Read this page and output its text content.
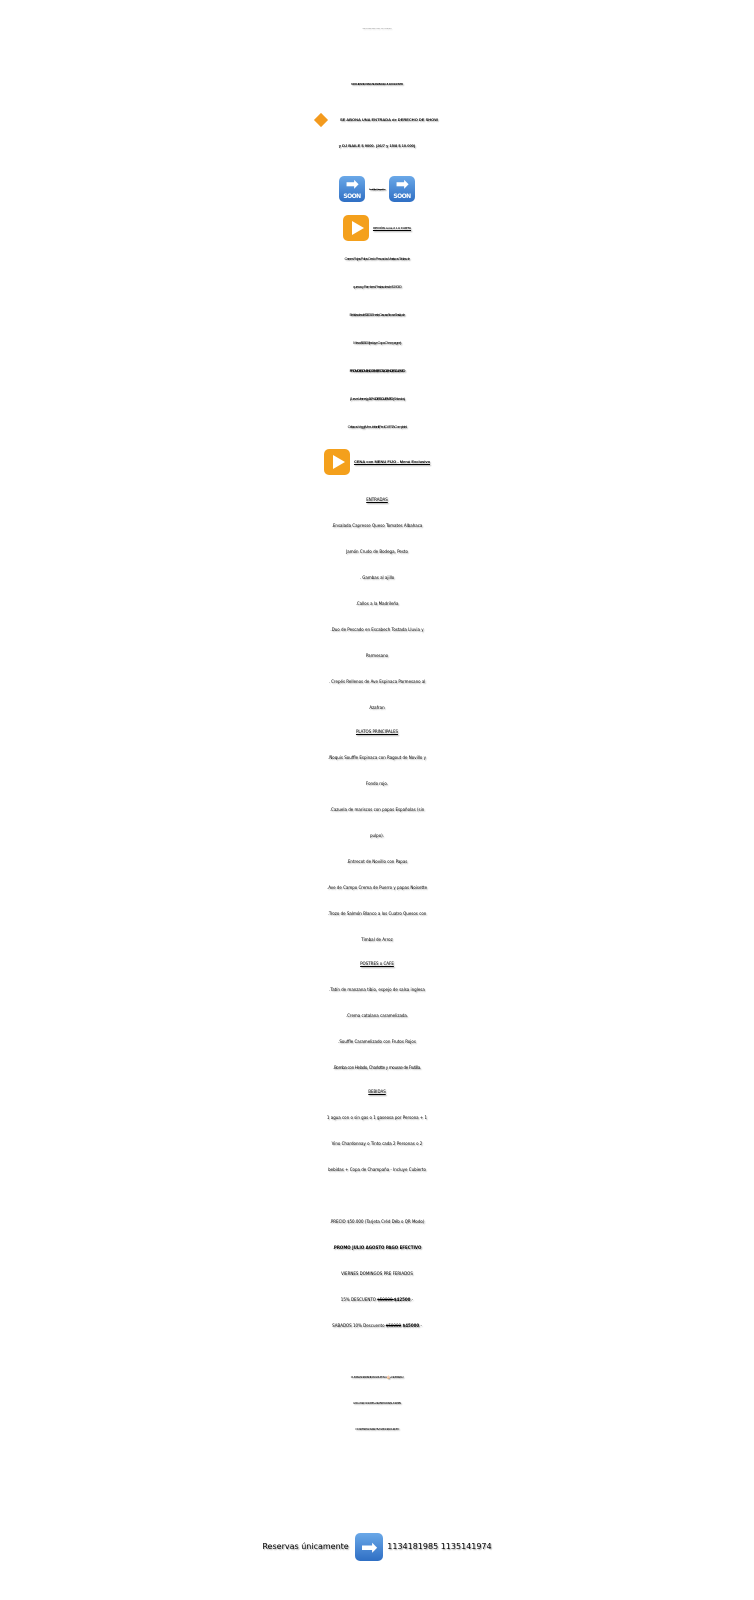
Museo del Jamón PUERTO MADERO Alicia M de Justo 2020
NOCHES DE CENA SHOW BAILE JULIO AGOSTO
SE ABONA UNA ENTRADA de DERECHO DE SHOW
y DJ BAILE $ 9000. (26/7 y 15/8 $ 10.000)
➡
SOON
Suma las Mejores Opciones para Cenar ➡
SOON
OPCIÓN cena A LA CARTA
Carnes Rojas Pollos Cerdo Pescados Mariscos Tablas de
quesos y Fiambres Pastas desde $ 19000
Bebidas desde $3000. En este Caso se Abona Servicio de
Mesa $6500 (Incluye Copa Champagne)
PROMO ABONANDO EN EFECTIVO 20% DESCUENTO
(Jueves Viernes) y 10 % DESCUENTO (Sábados)
Celiacos Veggi Menu Infantil Pedi CARTA Completa!
CENA con MENU FIJO - Menú Exclusivo
ENTRADAS
.Ensalada Capresse Queso Tomates Albahaca
Jamón Crudo de Bodega, Pesto
. Gambas al ajillo
.Callos a la Madrileña
.Duo de Pescado en Escabech Tostada Lluvia y
Parmesano
. Crepés Rellenos de Ave Espinaca Parmesano al
Azafran
PLATOS PRINCIPALES
.Ñoquis Souffle Espinaca con Ragout de Novillo y
Fondo rojo.
.Cazuela de mariscos con papas Españolas (sin
pulpo).
.Entrecot de Novillo con Papas
.Ave de Campo Crema de Puerro y papas Noisette
.Trozo de Salmón Blanco a los Cuatro Quesos con
Timbal de Arroz
POSTRES o CAFE
.Tatín de manzana tibio, espejo de salsa inglesa
.Crema catalana caramelizada.
.Souffle Caramelizado con Frutos Rojos
.Bomba con Helado, Charlotte y mousse de Frutilla.
BEBIDAS
1 agua con o sin gas o 1 gaseosa por Persona + 1
Vino Chardonnay o Tinto cada 2 Personas o 2
bebidas + Copa de Champaña - Incluye Cubierto
.PRECIO $50.000 (Tarjeta Créd Déb o QR Modo)
.PROMO JULIO AGOSTO PAGO EFECTIVO
VIERNES DOMINGOS PRE FERIADOS
15% DESCUENTO $50000 $42500.-
SABADOS 10% Descuento $50000 $45000.-
CUMPLES DESPEDIDAS GRUPOS ➡🎂 + DE 15 MENU
EXCLUSIVO 1 GRATIS + DE 35 PAX 2 MENU GRATIS
O CARTA PAGO EFECTIVO 20% DESCUENTO
Reservas únicamente ➡ 1134181985 1135141974
